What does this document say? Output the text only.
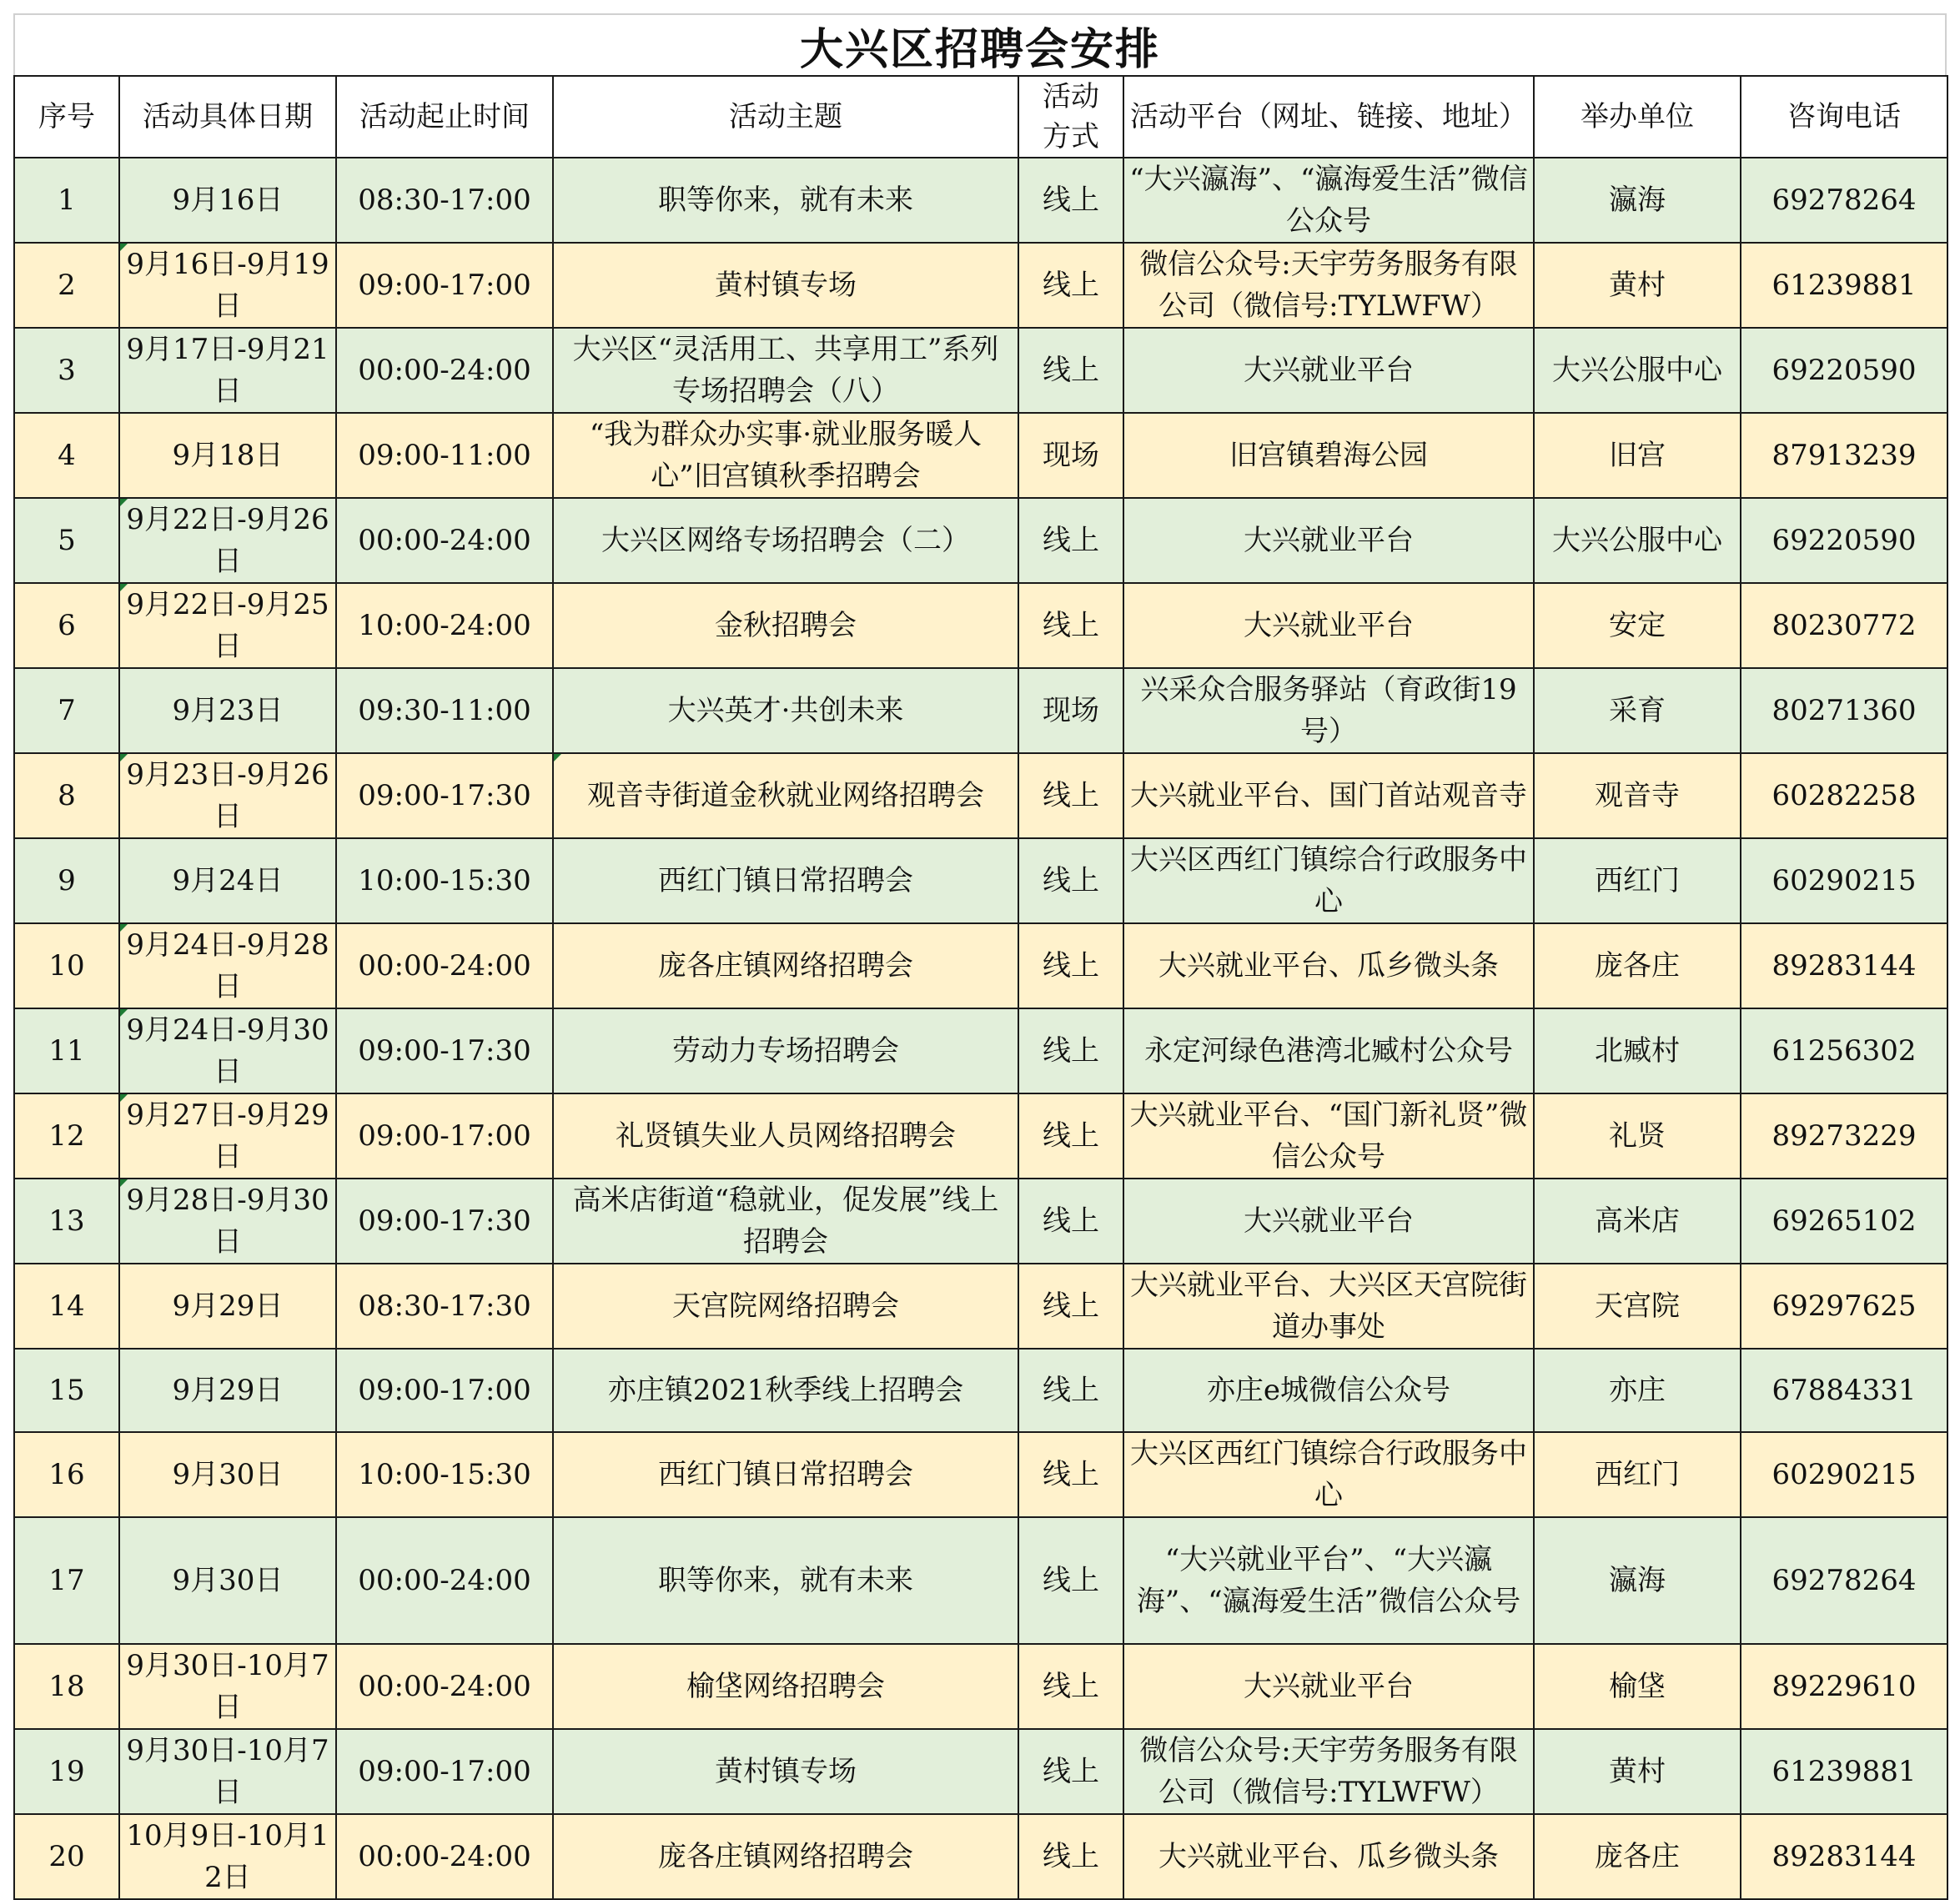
大兴区招聘会安排
序号	活动具体日期	活动起止时间	活动主题	活动方式	活动平台（网址、链接、地址）	举办单位	咨询电话
1	9月16日	08:30-17:00	职等你来，就有未来	线上	“大兴瀛海”、“瀛海爱生活”微信公众号	瀛海	69278264
2	9月16日-9月19日	09:00-17:00	黄村镇专场	线上	微信公众号:天宇劳务服务有限公司（微信号:TYLWFW）	黄村	61239881
3	9月17日-9月21日	00:00-24:00	大兴区“灵活用工、共享用工”系列专场招聘会（八）	线上	大兴就业平台	大兴公服中心	69220590
4	9月18日	09:00-11:00	“我为群众办实事·就业服务暖人心”旧宫镇秋季招聘会	现场	旧宫镇碧海公园	旧宫	87913239
5	9月22日-9月26日	00:00-24:00	大兴区网络专场招聘会（二）	线上	大兴就业平台	大兴公服中心	69220590
6	9月22日-9月25日	10:00-24:00	金秋招聘会	线上	大兴就业平台	安定	80230772
7	9月23日	09:30-11:00	大兴英才·共创未来	现场	兴采众合服务驿站（育政街19号）	采育	80271360
8	9月23日-9月26日	09:00-17:30	观音寺街道金秋就业网络招聘会	线上	大兴就业平台、国门首站观音寺	观音寺	60282258
9	9月24日	10:00-15:30	西红门镇日常招聘会	线上	大兴区西红门镇综合行政服务中心	西红门	60290215
10	9月24日-9月28日	00:00-24:00	庞各庄镇网络招聘会	线上	大兴就业平台、瓜乡微头条	庞各庄	89283144
11	9月24日-9月30日	09:00-17:30	劳动力专场招聘会	线上	永定河绿色港湾北臧村公众号	北臧村	61256302
12	9月27日-9月29日	09:00-17:00	礼贤镇失业人员网络招聘会	线上	大兴就业平台、“国门新礼贤”微信公众号	礼贤	89273229
13	9月28日-9月30日	09:00-17:30	高米店街道“稳就业，促发展”线上招聘会	线上	大兴就业平台	高米店	69265102
14	9月29日	08:30-17:30	天宫院网络招聘会	线上	大兴就业平台、大兴区天宫院街道办事处	天宫院	69297625
15	9月29日	09:00-17:00	亦庄镇2021秋季线上招聘会	线上	亦庄e城微信公众号	亦庄	67884331
16	9月30日	10:00-15:30	西红门镇日常招聘会	线上	大兴区西红门镇综合行政服务中心	西红门	60290215
17	9月30日	00:00-24:00	职等你来，就有未来	线上	“大兴就业平台”、“大兴瀛海”、“瀛海爱生活”微信公众号	瀛海	69278264
18	9月30日-10月7日	00:00-24:00	榆垡网络招聘会	线上	大兴就业平台	榆垡	89229610
19	9月30日-10月7日	09:00-17:00	黄村镇专场	线上	微信公众号:天宇劳务服务有限公司（微信号:TYLWFW）	黄村	61239881
20	10月9日-10月12日	00:00-24:00	庞各庄镇网络招聘会	线上	大兴就业平台、瓜乡微头条	庞各庄	89283144
